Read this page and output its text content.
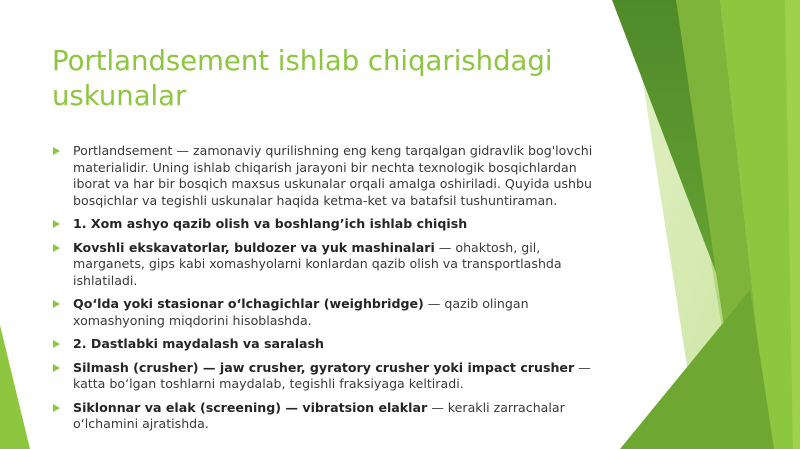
Portlandsement ishlab chiqarishdagi uskunalar
Portlandsement — zamonaviy qurilishning eng keng tarqalgan gidravlik bog'lovchi materialidir. Uning ishlab chiqarish jarayoni bir nechta texnologik bosqichlardan iborat va har bir bosqich maxsus uskunalar orqali amalga oshiriladi. Quyida ushbu bosqichlar va tegishli uskunalar haqida ketma-ket va batafsil tushuntiraman.
1. Xom ashyo qazib olish va boshlang’ich ishlab chiqish
Kovshli ekskavatorlar, buldozer va yuk mashinalari — ohaktosh, gil, marganets, gips kabi xomashyolarni konlardan qazib olish va transportlashda ishlatiladi.
Qo‘lda yoki stasionar o‘lchagichlar (weighbridge) — qazib olingan xomashyoning miqdorini hisoblashda.
2. Dastlabki maydalash va saralash
Silmash (crusher) — jaw crusher, gyratory crusher yoki impact crusher — katta bo‘lgan toshlarni maydalab, tegishli fraksiyaga keltiradi.
Siklonnar va elak (screening) — vibratsion elaklar — kerakli zarrachalar o‘lchamini ajratishda.
